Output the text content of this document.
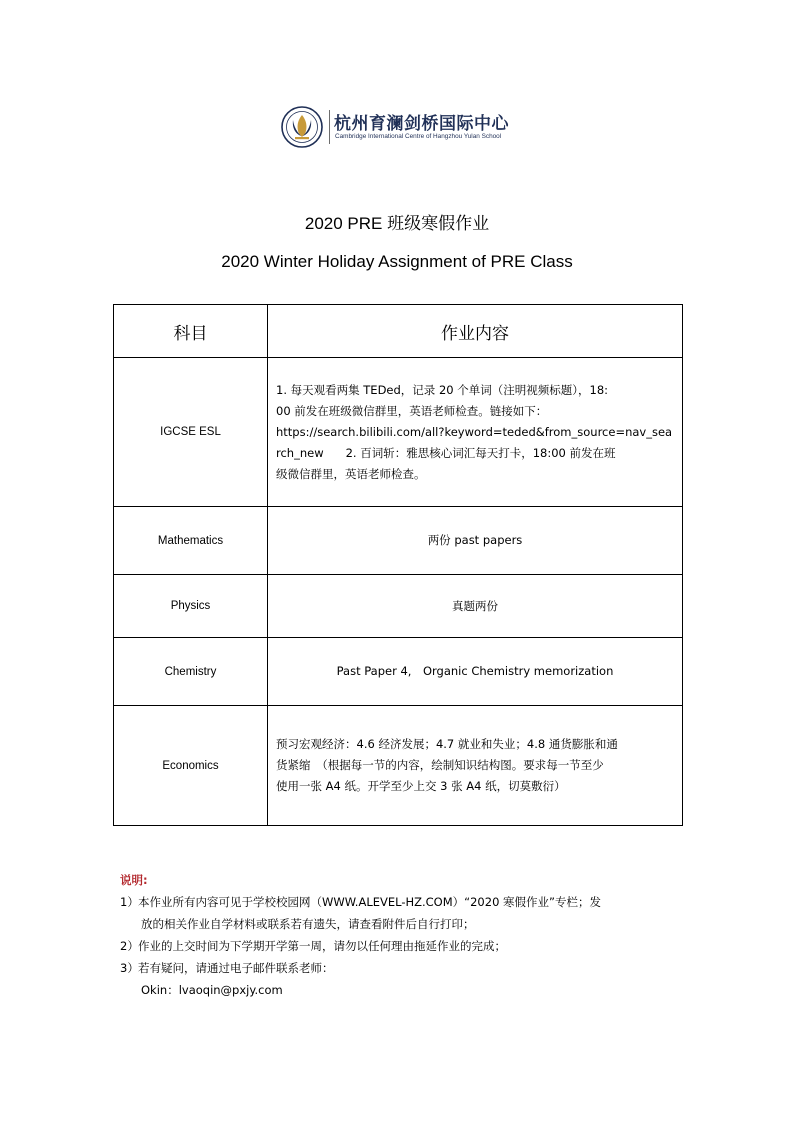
杭州育澜剑桥国际中心
Cambridge International Centre of Hangzhou Yulan School
2020 PRE 班级寒假作业
2020 Winter Holiday Assignment of PRE Class
科目	作业内容
IGCSE ESL	1. 每天观看两集 TEDed，记录 20 个单词（注明视频标题），18:
00 前发在班级微信群里，英语老师检查。链接如下：
https://search.bilibili.com/all?keyword=teded&from_source=nav_sea
rch_new 2. 百词斩：雅思核心词汇每天打卡，18:00 前发在班
级微信群里，英语老师检查。

Mathematics	两份 past papers
Physics	真题两份
Chemistry	Past Paper 4,　Organic Chemistry memorization
Economics	预习宏观经济：4.6 经济发展；4.7 就业和失业；4.8 通货膨胀和通
货紧缩　（根据每一节的内容，绘制知识结构图。要求每一节至少
使用一张 A4 纸。开学至少上交 3 张 A4 纸，切莫敷衍）
说明:
1）本作业所有内容可见于学校校园网（WWW.ALEVEL-HZ.COM）“2020 寒假作业”专栏；发
放的相关作业自学材料或联系若有遗失，请查看附件后自行打印；
2）作业的上交时间为下学期开学第一周，请勿以任何理由拖延作业的完成；
3）若有疑问，请通过电子邮件联系老师：
Okin：lvaoqin@pxjy.com
